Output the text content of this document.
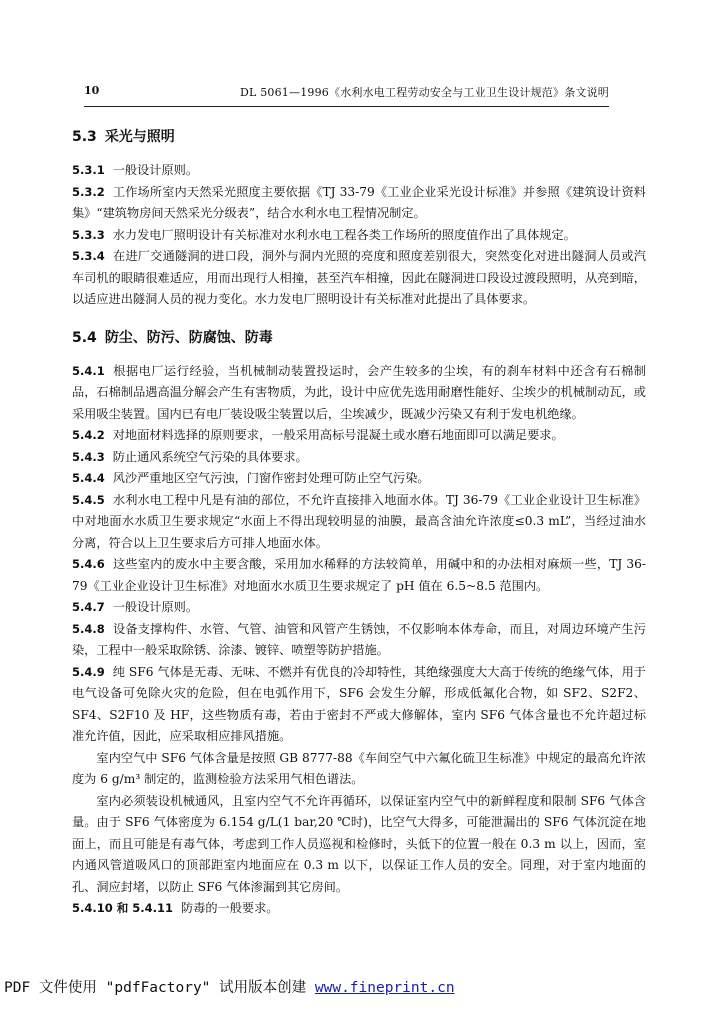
10	DL 5061—1996《水利水电工程劳动安全与工业卫生设计规范》条文说明
5.3 采光与照明

5.3.1 一般设计原则。

5.3.2 工作场所室内天然采光照度主要依据《TJ 33-79《工业企业采光设计标准》并参照《建筑设计资料集》“建筑物房间天然采光分级表”，结合水利水电工程情况制定。

5.3.3 水力发电厂照明设计有关标准对水利水电工程各类工作场所的照度值作出了具体规定。

5.3.4 在进厂交通隧洞的进口段，洞外与洞内光照的亮度和照度差别很大，突然变化对进出隧洞人员或汽车司机的眼睛很难适应，用而出现行人相撞，甚至汽车相撞，因此在隧洞进口段设过渡段照明，从亮到暗，以适应进出隧洞人员的视力变化。水力发电厂照明设计有关标准对此提出了具体要求。

5.4 防尘、防污、防腐蚀、防毒

5.4.1 根据电厂运行经验，当机械制动装置投运时，会产生较多的尘埃，有的刹车材料中还含有石棉制品，石棉制品遇高温分解会产生有害物质，为此，设计中应优先选用耐磨性能好、尘埃少的机械制动瓦，或采用吸尘装置。国内已有电厂装设吸尘装置以后，尘埃减少，既减少污染又有利于发电机绝缘。

5.4.2 对地面材料选择的原则要求，一般采用高标号混凝土或水磨石地面即可以满足要求。

5.4.3 防止通风系统空气污染的具体要求。

5.4.4 风沙严重地区空气污浊，门窗作密封处理可防止空气污染。

5.4.5 水利水电工程中凡是有油的部位，不允许直接排入地面水体。TJ 36-79《工业企业设计卫生标准》中对地面水水质卫生要求规定“水面上不得出现较明显的油膜，最高含油允许浓度≤0.3 mL”，当经过油水分离，符合以上卫生要求后方可排人地面水体。

5.4.6 这些室内的废水中主要含酸，采用加水稀释的方法较简单，用碱中和的办法相对麻烦一些，TJ 36-79《工业企业设计卫生标准》对地面水水质卫生要求规定了 pH 值在 6.5~8.5 范围内。

5.4.7 一般设计原则。

5.4.8 设备支撑构件、水管、气管、油管和风管产生锈蚀，不仅影响本体寿命，而且，对周边环境产生污染，工程中一般采取除锈、涂漆、镀锌、喷塑等防护措施。

5.4.9 纯 SF6 气体是无毒、无味、不燃并有优良的冷却特性，其绝缘强度大大高于传统的绝缘气体，用于电气设备可免除火灾的危险，但在电弧作用下，SF6 会发生分解，形成低氟化合物，如 SF2、S2F2、SF4、S2F10 及 HF，这些物质有毒，若由于密封不严或大修解体，室内 SF6 气体含量也不允许超过标准允许值，因此，应采取相应排风措施。

室内空气中 SF6 气体含量是按照 GB 8777-88《车间空气中六氟化硫卫生标准》中规定的最高允许浓度为 6 g/m³ 制定的，监测检验方法采用气相色谱法。

室内必须装设机械通风，且室内空气不允许再循环，以保证室内空气中的新鲜程度和限制 SF6 气体含量。由于 SF6 气体密度为 6.154 g/L(1 bar,20 ℃时)，比空气大得多，可能泄漏出的 SF6 气体沉淀在地面上，而且可能是有毒气体，考虑到工作人员巡视和检修时，头低下的位置一般在 0.3 m 以上，因而，室内通风管道吸风口的顶部距室内地面应在 0.3 m 以下，以保证工作人员的安全。同理，对于室内地面的孔、洞应封堵，以防止 SF6 气体渗漏到其它房间。

5.4.10 和 5.4.11 防毒的一般要求。

PDF 文件使用 "pdfFactory" 试用版本创建 www.fineprint.cn
